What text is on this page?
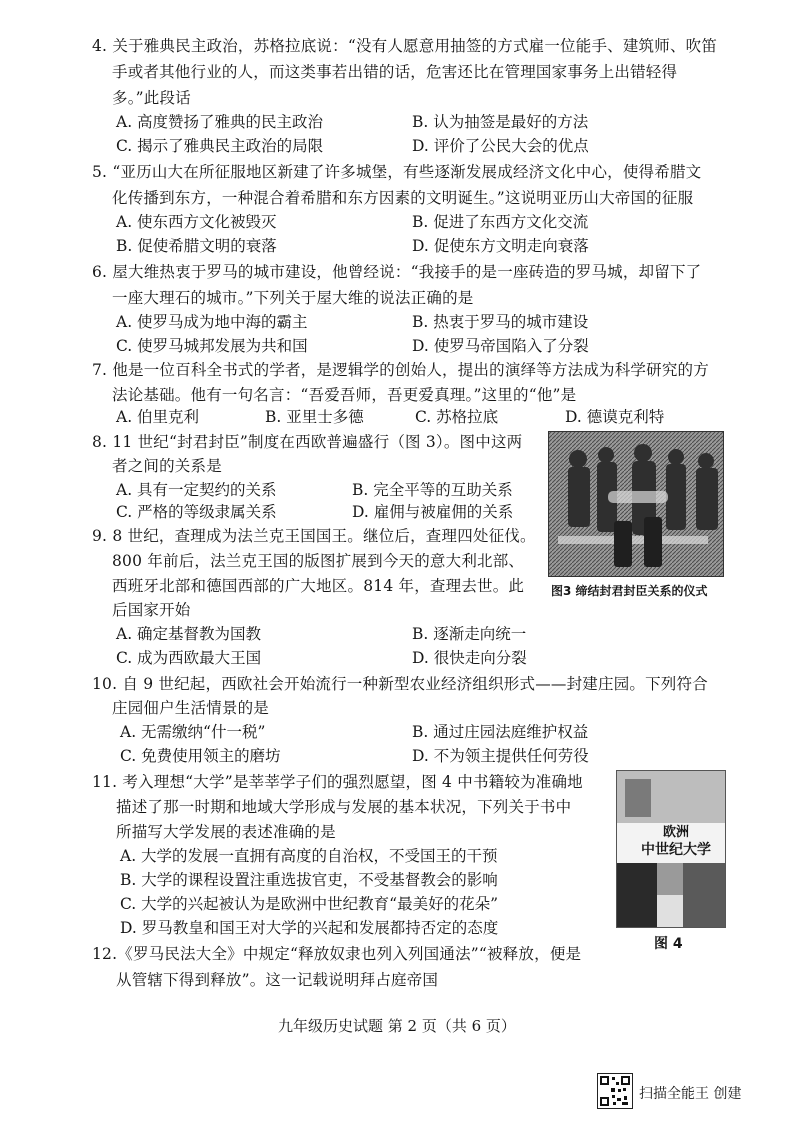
4. 关于雅典民主政治，苏格拉底说：“没有人愿意用抽签的方式雇一位能手、建筑师、吹笛
手或者其他行业的人，而这类事若出错的话，危害还比在管理国家事务上出错轻得
多。”此段话
A. 高度赞扬了雅典的民主政治	B. 认为抽签是最好的方法
C. 揭示了雅典民主政治的局限	D. 评价了公民大会的优点
5. “亚历山大在所征服地区新建了许多城堡，有些逐渐发展成经济文化中心，使得希腊文
化传播到东方，一种混合着希腊和东方因素的文明诞生。”这说明亚历山大帝国的征服
A. 使东西方文化被毁灭	B. 促进了东西方文化交流
B. 促使希腊文明的衰落	D. 促使东方文明走向衰落
6. 屋大维热衷于罗马的城市建设，他曾经说：“我接手的是一座砖造的罗马城，却留下了
一座大理石的城市。”下列关于屋大维的说法正确的是
A. 使罗马成为地中海的霸主	B. 热衷于罗马的城市建设
C. 使罗马城邦发展为共和国	D. 使罗马帝国陷入了分裂
7. 他是一位百科全书式的学者，是逻辑学的创始人，提出的演绎等方法成为科学研究的方
法论基础。他有一句名言：“吾爱吾师，吾更爱真理。”这里的“他”是
A. 伯里克利	B. 亚里士多德	C. 苏格拉底	D. 德谟克利特
8. 11 世纪“封君封臣”制度在西欧普遍盛行（图 3）。图中这两
者之间的关系是
A. 具有一定契约的关系	B. 完全平等的互助关系
C. 严格的等级隶属关系	D. 雇佣与被雇佣的关系
图3 缔结封君封臣关系的仪式
9. 8 世纪，查理成为法兰克王国国王。继位后，查理四处征伐。
800 年前后，法兰克王国的版图扩展到今天的意大利北部、
西班牙北部和德国西部的广大地区。814 年，查理去世。此
后国家开始
A. 确定基督教为国教	B. 逐渐走向统一
C. 成为西欧最大王国	D. 很快走向分裂
10. 自 9 世纪起，西欧社会开始流行一种新型农业经济组织形式——封建庄园。下列符合
庄园佃户生活情景的是
A. 无需缴纳“什一税”	B. 通过庄园法庭维护权益
C. 免费使用领主的磨坊	D. 不为领主提供任何劳役
11. 考入理想“大学”是莘莘学子们的强烈愿望，图 4 中书籍较为准确地
描述了那一时期和地域大学形成与发展的基本状况，下列关于书中
所描写大学发展的表述准确的是
A. 大学的发展一直拥有高度的自治权，不受国王的干预
B. 大学的课程设置注重选拔官吏，不受基督教会的影响
C. 大学的兴起被认为是欧洲中世纪教育“最美好的花朵”
D. 罗马教皇和国王对大学的兴起和发展都持否定的态度
欧洲
中世纪大学
图 4
12.《罗马民法大全》中规定“释放奴隶也列入列国通法”“被释放，便是
从管辖下得到释放”。这一记载说明拜占庭帝国
九年级历史试题 第 2 页（共 6 页）
扫描全能王 创建
